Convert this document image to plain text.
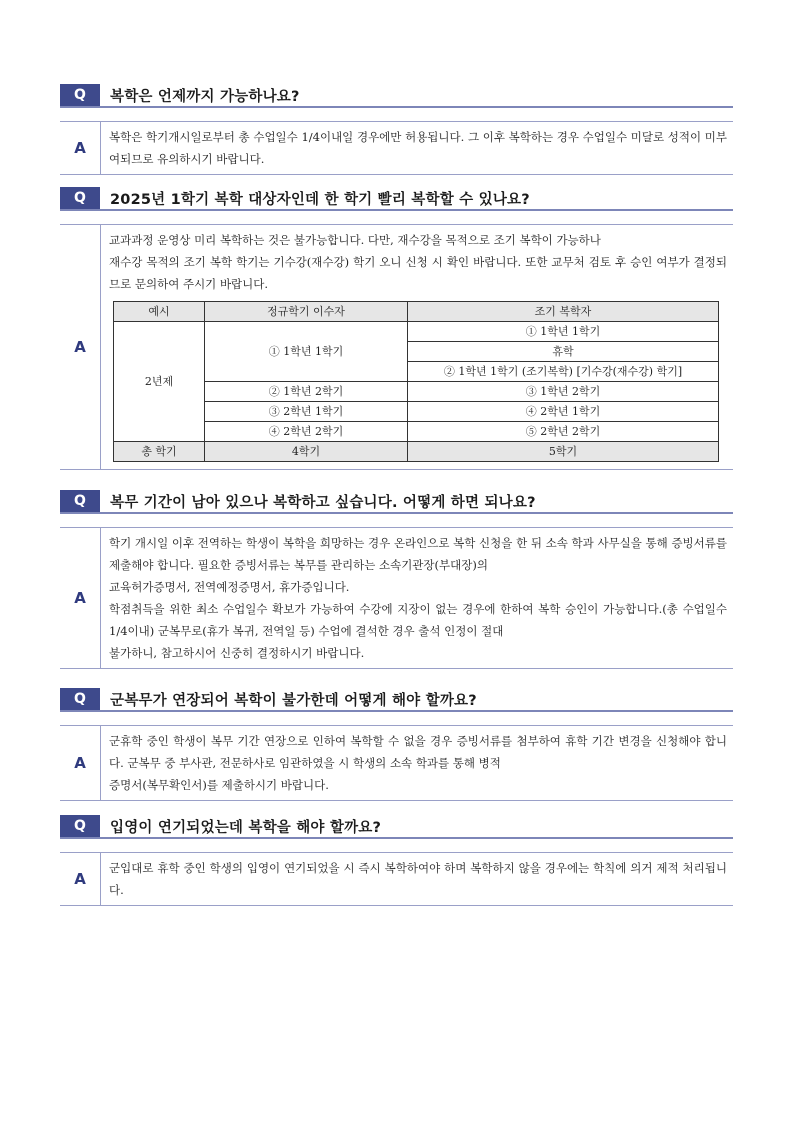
Q	복학은 언제까지 가능하나요?
A

복학은 학기개시일로부터 총 수업일수 1/4이내일 경우에만 허용됩니다. 그 이후 복학하는 경우 수업일수 미달로 성적이 미부여되므로 유의하시기 바랍니다.

Q	2025년 1학기 복학 대상자인데 한 학기 빨리 복학할 수 있나요?
A

교과과정 운영상 미리 복학하는 것은 불가능합니다. 다만, 재수강을 목적으로 조기 복학이 가능하나

재수강 목적의 조기 복학 학기는 기수강(재수강) 학기 오니 신청 시 확인 바랍니다. 또한 교무처 검토 후 승인 여부가 결정되므로 문의하여 주시기 바랍니다.

예시	정규학기 이수자	조기 복학자
2년제	① 1학년 1학기	① 1학년 1학기
		휴학
		② 1학년 1학기 (조기복학) [기수강(재수강) 학기]
	② 1학년 2학기	③ 1학년 2학기
	③ 2학년 1학기	④ 2학년 1학기
	④ 2학년 2학기	⑤ 2학년 2학기
총 학기	4학기	5학기
Q	복무 기간이 남아 있으나 복학하고 싶습니다. 어떻게 하면 되나요?
A

학기 개시일 이후 전역하는 학생이 복학을 희망하는 경우 온라인으로 복학 신청을 한 뒤 소속 학과 사무실을 통해 증빙서류를 제출해야 합니다. 필요한 증빙서류는 복무를 관리하는 소속기관장(부대장)의

교육허가증명서, 전역예정증명서, 휴가증입니다.

학점취득을 위한 최소 수업일수 확보가 가능하여 수강에 지장이 없는 경우에 한하여 복학 승인이 가능합니다.(총 수업일수 1/4이내) 군복무로(휴가 복귀, 전역일 등) 수업에 결석한 경우 출석 인정이 절대

불가하니, 참고하시어 신중히 결정하시기 바랍니다.

Q	군복무가 연장되어 복학이 불가한데 어떻게 해야 할까요?
A

군휴학 중인 학생이 복무 기간 연장으로 인하여 복학할 수 없을 경우 증빙서류를 첨부하여 휴학 기간 변경을 신청해야 합니다. 군복무 중 부사관, 전문하사로 임관하였을 시 학생의 소속 학과를 통해 병적

증명서(복무확인서)를 제출하시기 바랍니다.

Q	입영이 연기되었는데 복학을 해야 할까요?
A

군입대로 휴학 중인 학생의 입영이 연기되었을 시 즉시 복학하여야 하며 복학하지 않을 경우에는 학칙에 의거 제적 처리됩니다.
